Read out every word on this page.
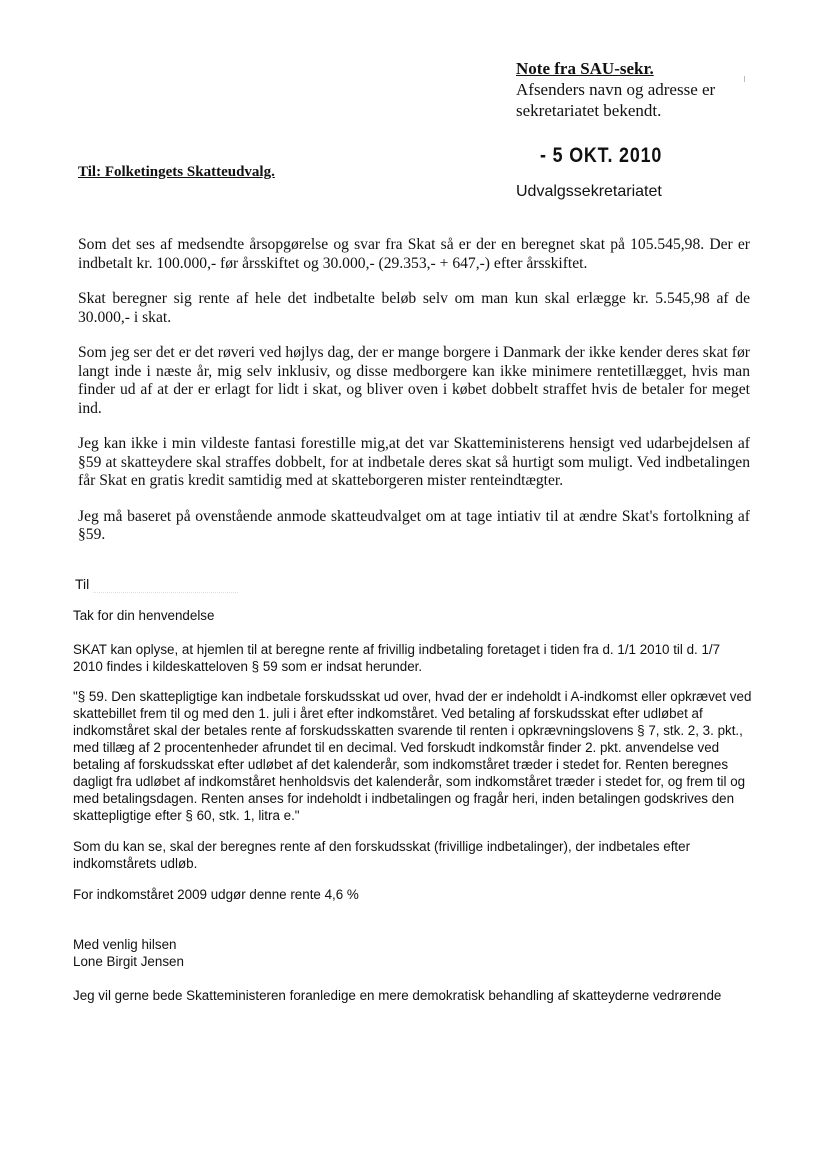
Note fra SAU-sekr.
Afsenders navn og adresse er sekretariatet bekendt.
- 5 OKT. 2010
Udvalgssekretariatet
Til: Folketingets Skatteudvalg.

Som det ses af medsendte årsopgørelse og svar fra Skat så er der en beregnet skat på 105.545,98. Der er indbetalt kr. 100.000,- før årsskiftet og 30.000,- (29.353,- + 647,-) efter årsskiftet.

Skat beregner sig rente af hele det indbetalte beløb selv om man kun skal erlægge kr. 5.545,98 af de 30.000,- i skat.

Som jeg ser det er det røveri ved højlys dag, der er mange borgere i Danmark der ikke kender deres skat før langt inde i næste år, mig selv inklusiv, og disse medborgere kan ikke minimere rentetillægget, hvis man finder ud af at der er erlagt for lidt i skat, og bliver oven i købet dobbelt straffet hvis de betaler for meget ind.

Jeg kan ikke i min vildeste fantasi forestille mig,at det var Skatteministerens hensigt ved udarbejdelsen af §59 at skatteydere skal straffes dobbelt, for at indbetale deres skat så hurtigt som muligt. Ved indbetalingen får Skat en gratis kredit samtidig med at skatteborgeren mister renteindtægter.

Jeg må baseret på ovenstående anmode skatteudvalget om at tage intiativ til at ændre Skat's fortolkning af §59.

Til

Tak for din henvendelse

SKAT kan oplyse, at hjemlen til at beregne rente af frivillig indbetaling foretaget i tiden fra d. 1/1 2010 til d. 1/7 2010 findes i kildeskatteloven § 59 som er indsat herunder.

"§ 59. Den skattepligtige kan indbetale forskudsskat ud over, hvad der er indeholdt i A-indkomst eller opkrævet ved skattebillet frem til og med den 1. juli i året efter indkomståret. Ved betaling af forskudsskat efter udløbet af indkomståret skal der betales rente af forskudsskatten svarende til renten i opkrævningslovens § 7, stk. 2, 3. pkt., med tillæg af 2 procentenheder afrundet til en decimal. Ved forskudt indkomstår finder 2. pkt. anvendelse ved betaling af forskudsskat efter udløbet af det kalenderår, som indkomståret træder i stedet for. Renten beregnes dagligt fra udløbet af indkomståret henholdsvis det kalenderår, som indkomståret træder i stedet for, og frem til og med betalingsdagen. Renten anses for indeholdt i indbetalingen og fragår heri, inden betalingen godskrives den skattepligtige efter § 60, stk. 1, litra e."

Som du kan se, skal der beregnes rente af den forskudsskat (frivillige indbetalinger), der indbetales efter indkomstårets udløb.

For indkomståret 2009 udgør denne rente 4,6 %

Med venlig hilsen

Lone Birgit Jensen

Jeg vil gerne bede Skatteministeren foranledige en mere demokratisk behandling af skatteyderne vedrørende
